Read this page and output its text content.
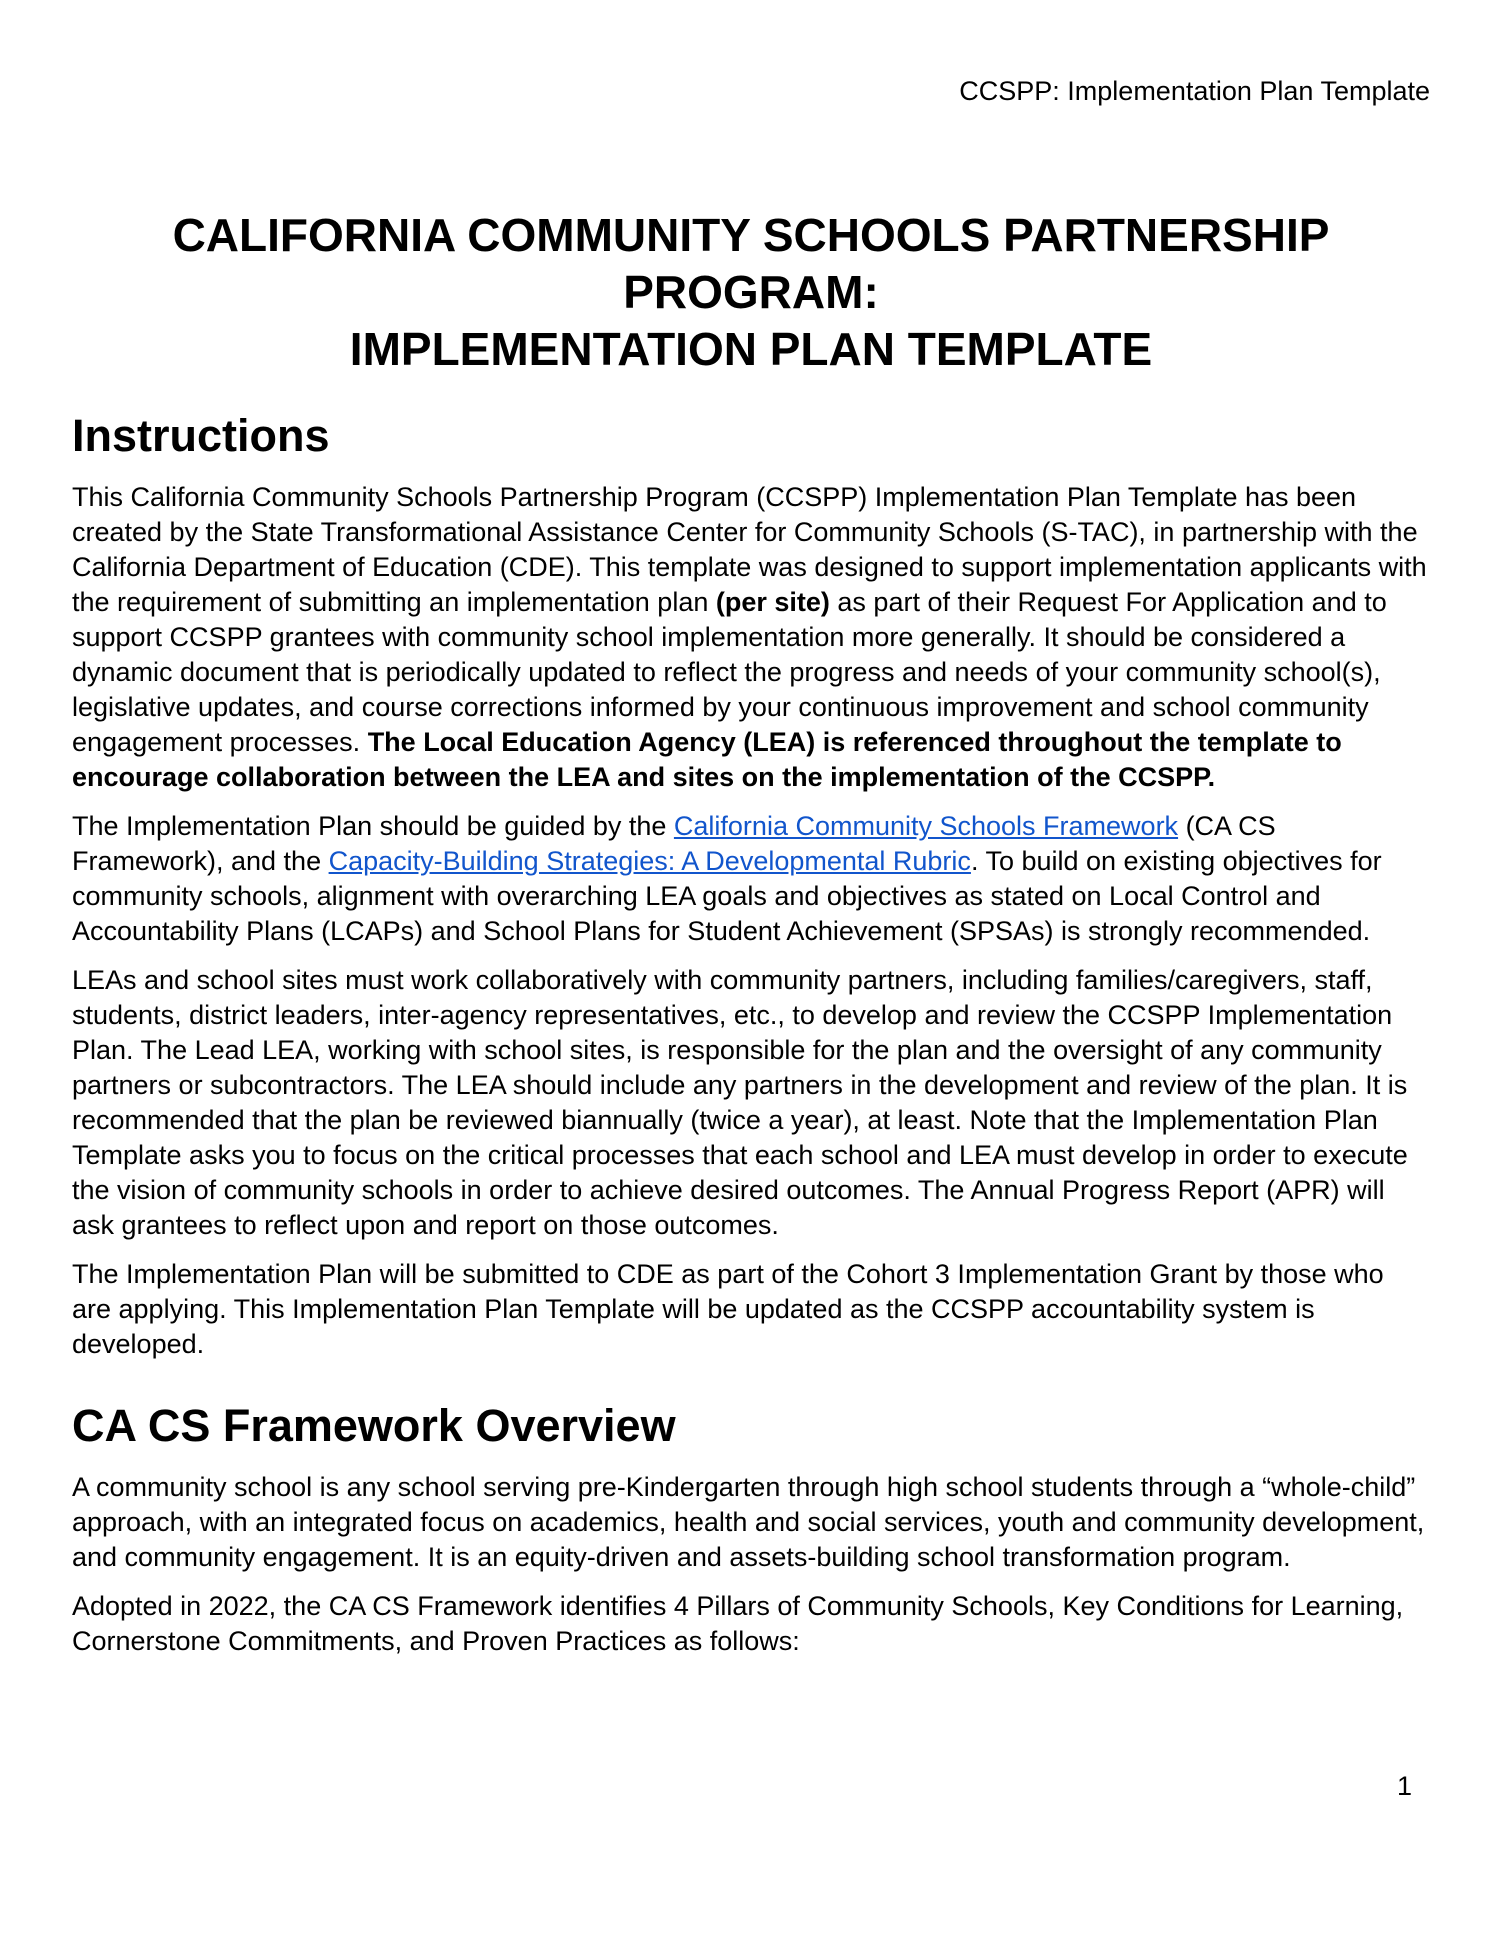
CCSPP: Implementation Plan Template
CALIFORNIA COMMUNITY SCHOOLS PARTNERSHIP
PROGRAM:
IMPLEMENTATION PLAN TEMPLATE
Instructions
This California Community Schools Partnership Program (CCSPP) Implementation Plan Template has been created by the State Transformational Assistance Center for Community Schools (S-TAC), in partnership with the California Department of Education (CDE). This template was designed to support implementation applicants with the requirement of submitting an implementation plan (per site) as part of their Request For Application and to support CCSPP grantees with community school implementation more generally. It should be considered a dynamic document that is periodically updated to reflect the progress and needs of your community school(s), legislative updates, and course corrections informed by your continuous improvement and school community engagement processes. The Local Education Agency (LEA) is referenced throughout the template to encourage collaboration between the LEA and sites on the implementation of the CCSPP.
The Implementation Plan should be guided by the California Community Schools Framework (CA CS Framework), and the Capacity-Building Strategies: A Developmental Rubric. To build on existing objectives for community schools, alignment with overarching LEA goals and objectives as stated on Local Control and Accountability Plans (LCAPs) and School Plans for Student Achievement (SPSAs) is strongly recommended.
LEAs and school sites must work collaboratively with community partners, including families/caregivers, staff, students, district leaders, inter-agency representatives, etc., to develop and review the CCSPP Implementation Plan. The Lead LEA, working with school sites, is responsible for the plan and the oversight of any community partners or subcontractors. The LEA should include any partners in the development and review of the plan. It is recommended that the plan be reviewed biannually (twice a year), at least. Note that the Implementation Plan Template asks you to focus on the critical processes that each school and LEA must develop in order to execute the vision of community schools in order to achieve desired outcomes. The Annual Progress Report (APR) will ask grantees to reflect upon and report on those outcomes.
The Implementation Plan will be submitted to CDE as part of the Cohort 3 Implementation Grant by those who are applying. This Implementation Plan Template will be updated as the CCSPP accountability system is developed.
CA CS Framework Overview
A community school is any school serving pre-Kindergarten through high school students through a “whole-child” approach, with an integrated focus on academics, health and social services, youth and community development, and community engagement. It is an equity-driven and assets-building school transformation program.
Adopted in 2022, the CA CS Framework identifies 4 Pillars of Community Schools, Key Conditions for Learning, Cornerstone Commitments, and Proven Practices as follows:
1
